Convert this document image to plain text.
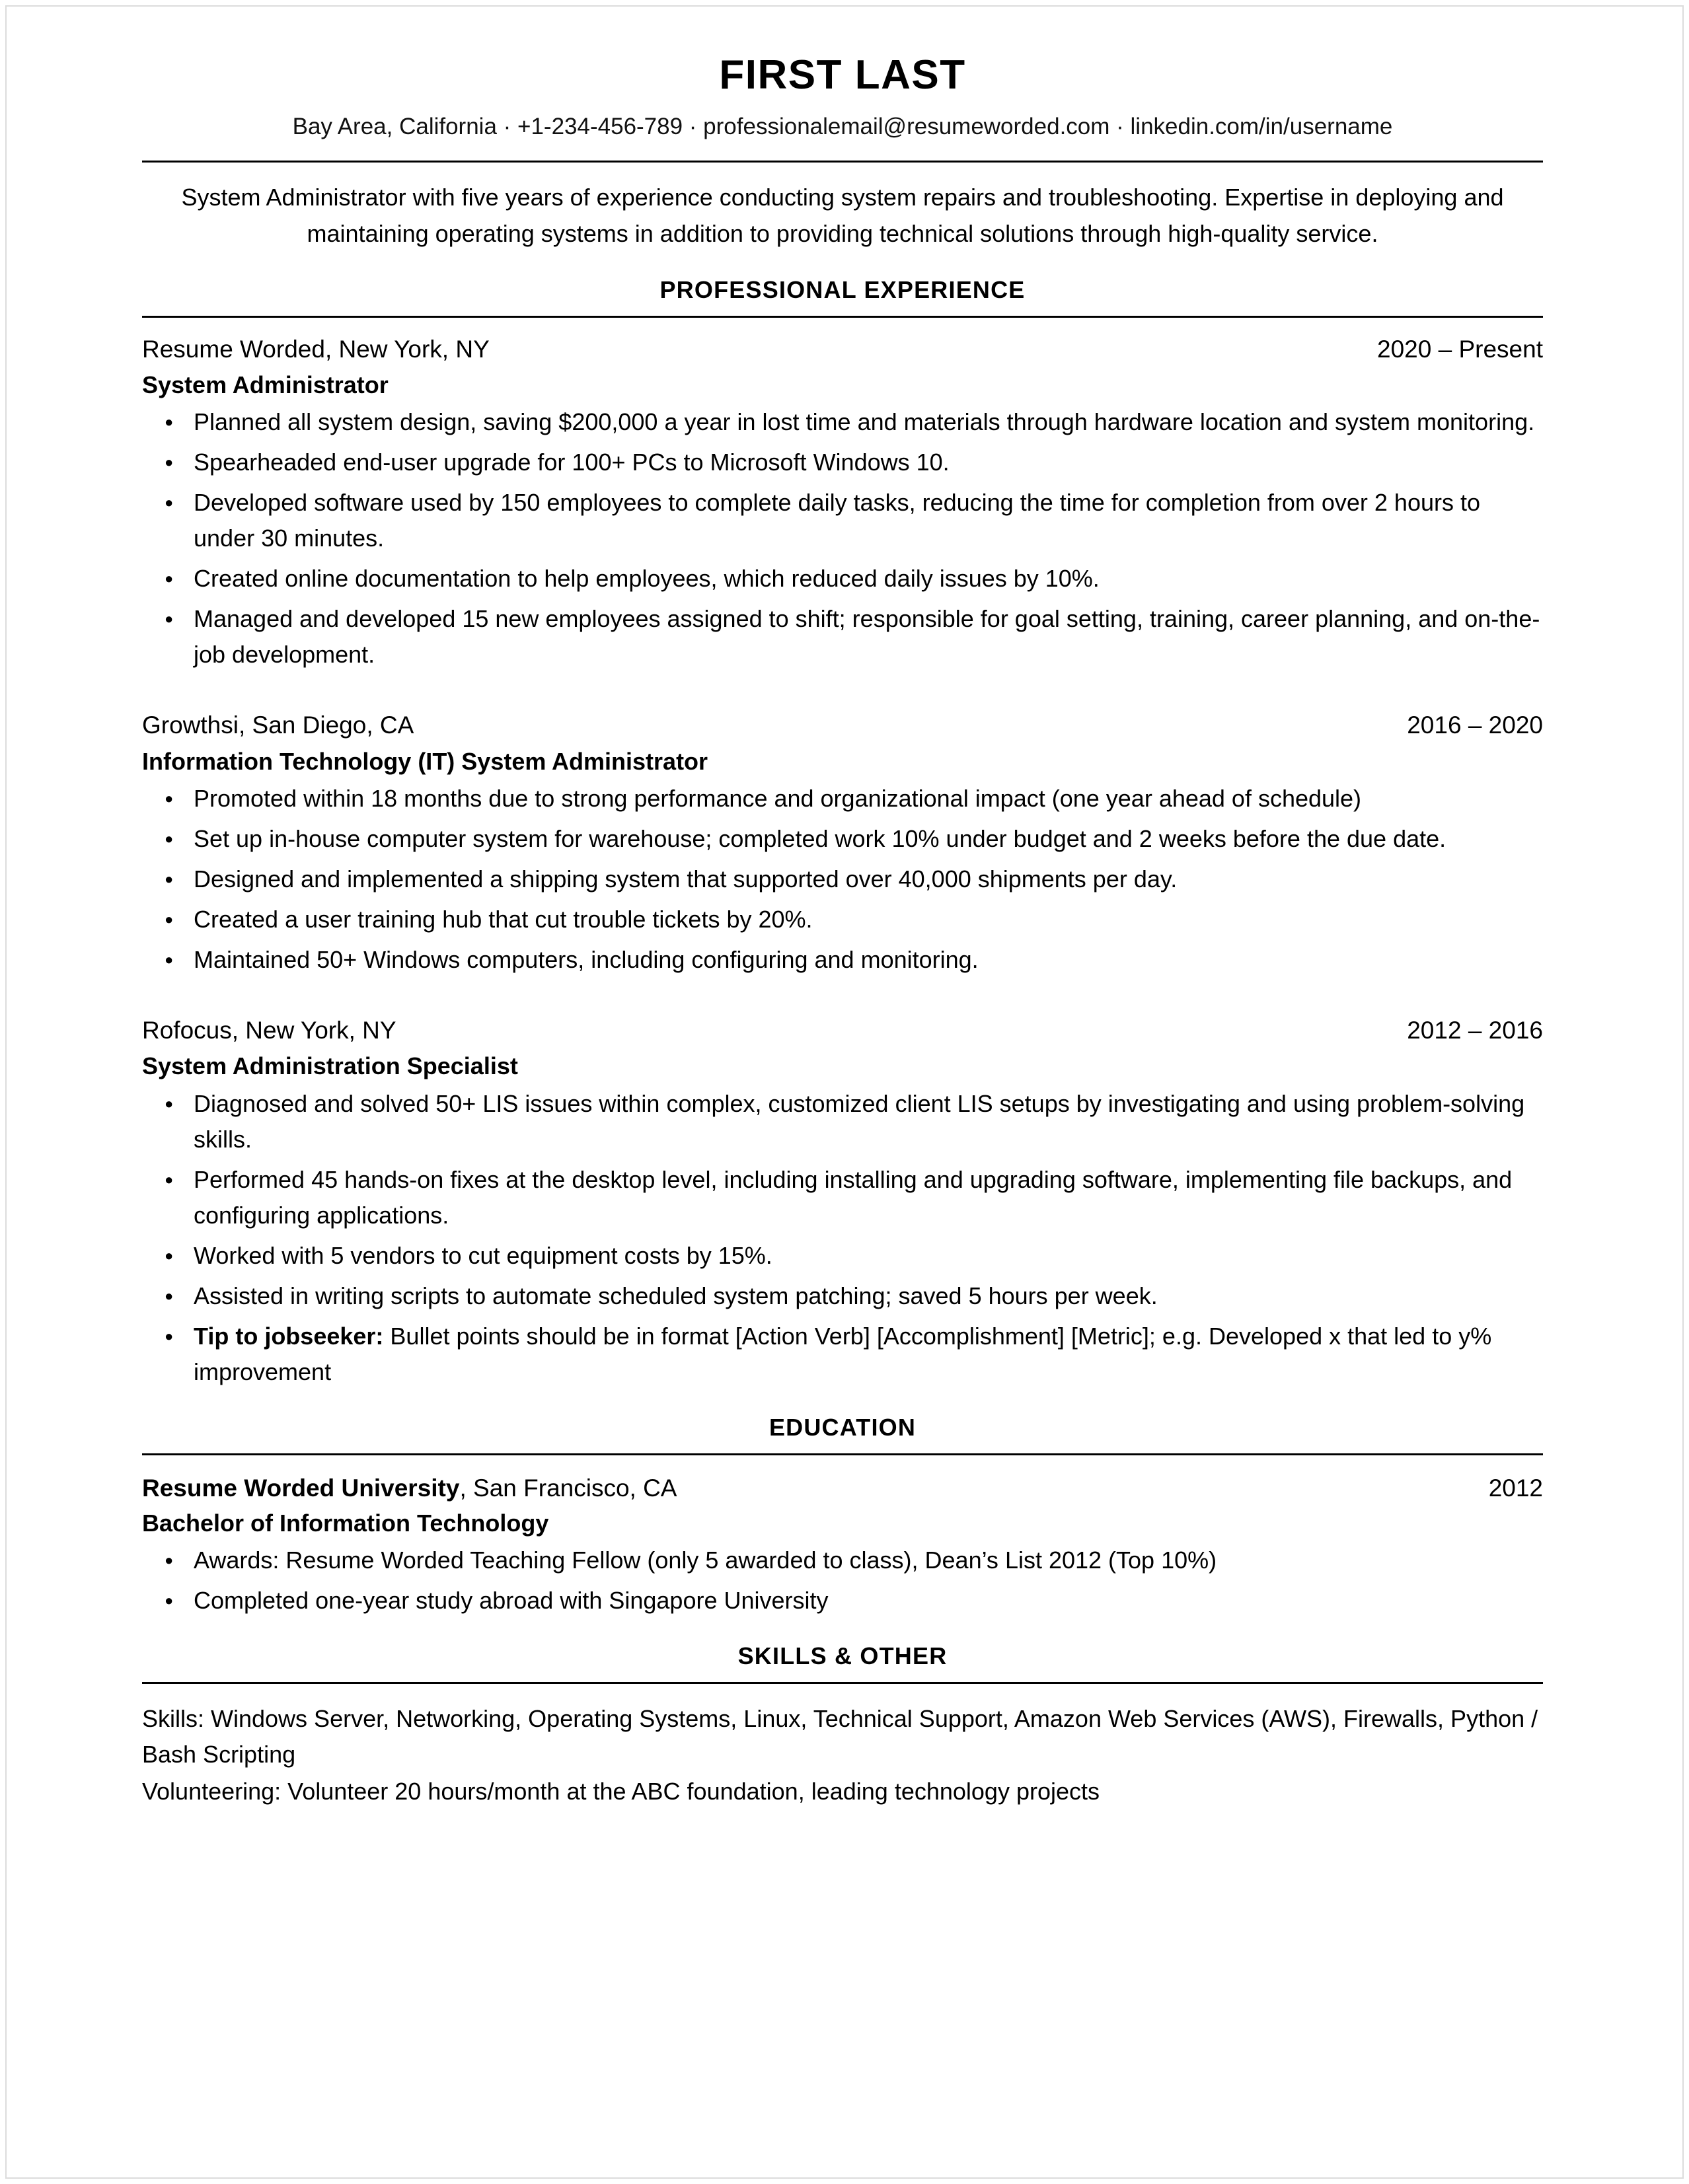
FIRST LAST
Bay Area, California · +1-234-456-789 · professionalemail@resumeworded.com · linkedin.com/in/username
System Administrator with five years of experience conducting system repairs and troubleshooting. Expertise in deploying and maintaining operating systems in addition to providing technical solutions through high-quality service.
PROFESSIONAL EXPERIENCE
Resume Worded, New York, NY	2020 – Present
System Administrator
● Planned all system design, saving $200,000 a year in lost time and materials through hardware location and system monitoring.
● Spearheaded end-user upgrade for 100+ PCs to Microsoft Windows 10.
● Developed software used by 150 employees to complete daily tasks, reducing the time for completion from over 2 hours to under 30 minutes.
● Created online documentation to help employees, which reduced daily issues by 10%.
● Managed and developed 15 new employees assigned to shift; responsible for goal setting, training, career planning, and on-the-job development.
Growthsi, San Diego, CA	2016 – 2020
Information Technology (IT) System Administrator
● Promoted within 18 months due to strong performance and organizational impact (one year ahead of schedule)
● Set up in-house computer system for warehouse; completed work 10% under budget and 2 weeks before the due date.
● Designed and implemented a shipping system that supported over 40,000 shipments per day.
● Created a user training hub that cut trouble tickets by 20%.
● Maintained 50+ Windows computers, including configuring and monitoring.
Rofocus, New York, NY	2012 – 2016
System Administration Specialist
● Diagnosed and solved 50+ LIS issues within complex, customized client LIS setups by investigating and using problem-solving skills.
● Performed 45 hands-on fixes at the desktop level, including installing and upgrading software, implementing file backups, and configuring applications.
● Worked with 5 vendors to cut equipment costs by 15%.
● Assisted in writing scripts to automate scheduled system patching; saved 5 hours per week.
● Tip to jobseeker: Bullet points should be in format [Action Verb] [Accomplishment] [Metric]; e.g. Developed x that led to y% improvement
EDUCATION
Resume Worded University, San Francisco, CA	2012
Bachelor of Information Technology
● Awards: Resume Worded Teaching Fellow (only 5 awarded to class), Dean’s List 2012 (Top 10%)
● Completed one-year study abroad with Singapore University
SKILLS & OTHER
Skills: Windows Server, Networking, Operating Systems, Linux, Technical Support, Amazon Web Services (AWS), Firewalls, Python / Bash Scripting
Volunteering: Volunteer 20 hours/month at the ABC foundation, leading technology projects
